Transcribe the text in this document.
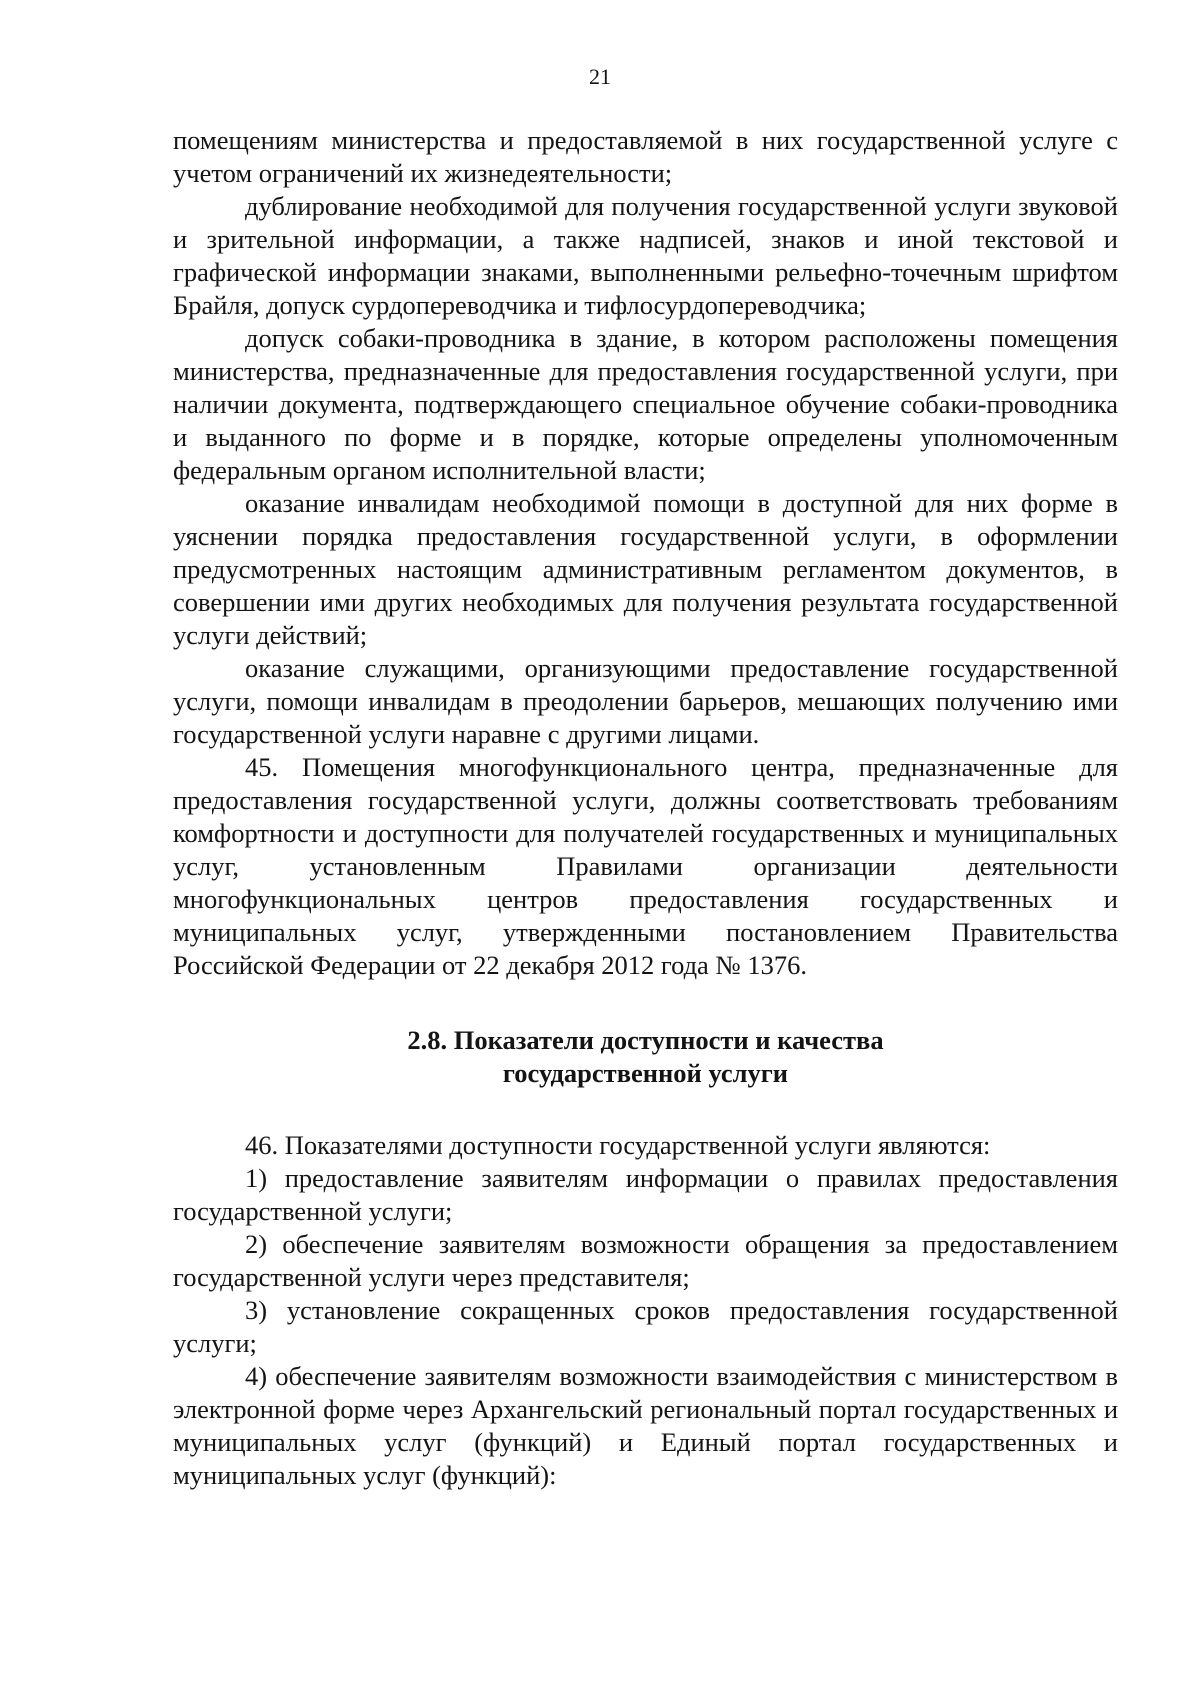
21

помещениям министерства и предоставляемой в них государственной услуге с учетом ограничений их жизнедеятельности;

дублирование необходимой для получения государственной услуги звуковой и зрительной информации, а также надписей, знаков и иной текстовой и графической информации знаками, выполненными рельефно-точечным шрифтом Брайля, допуск сурдопереводчика и тифлосурдопереводчика;

допуск собаки-проводника в здание, в котором расположены помещения министерства, предназначенные для предоставления государственной услуги, при наличии документа, подтверждающего специальное обучение собаки-проводника и выданного по форме и в порядке, которые определены уполномоченным федеральным органом исполнительной власти;

оказание инвалидам необходимой помощи в доступной для них форме в уяснении порядка предоставления государственной услуги, в оформлении предусмотренных настоящим административным регламентом документов, в совершении ими других необходимых для получения результата государственной услуги действий;

оказание служащими, организующими предоставление государственной услуги, помощи инвалидам в преодолении барьеров, мешающих получению ими государственной услуги наравне с другими лицами.

45. Помещения многофункционального центра, предназначенные для предоставления государственной услуги, должны соответствовать требованиям комфортности и доступности для получателей государственных и муниципальных услуг, установленным Правилами организации деятельности многофункциональных центров предоставления государственных и муниципальных услуг, утвержденными постановлением Правительства Российской Федерации от 22 декабря 2012 года № 1376.

2.8. Показатели доступности и качества
государственной услуги

46. Показателями доступности государственной услуги являются:

1) предоставление заявителям информации о правилах предоставления государственной услуги;

2) обеспечение заявителям возможности обращения за предоставлением государственной услуги через представителя;

3) установление сокращенных сроков предоставления государственной услуги;

4) обеспечение заявителям возможности взаимодействия с министерством в электронной форме через Архангельский региональный портал государственных и муниципальных услуг (функций) и Единый портал государственных и муниципальных услуг (функций):
